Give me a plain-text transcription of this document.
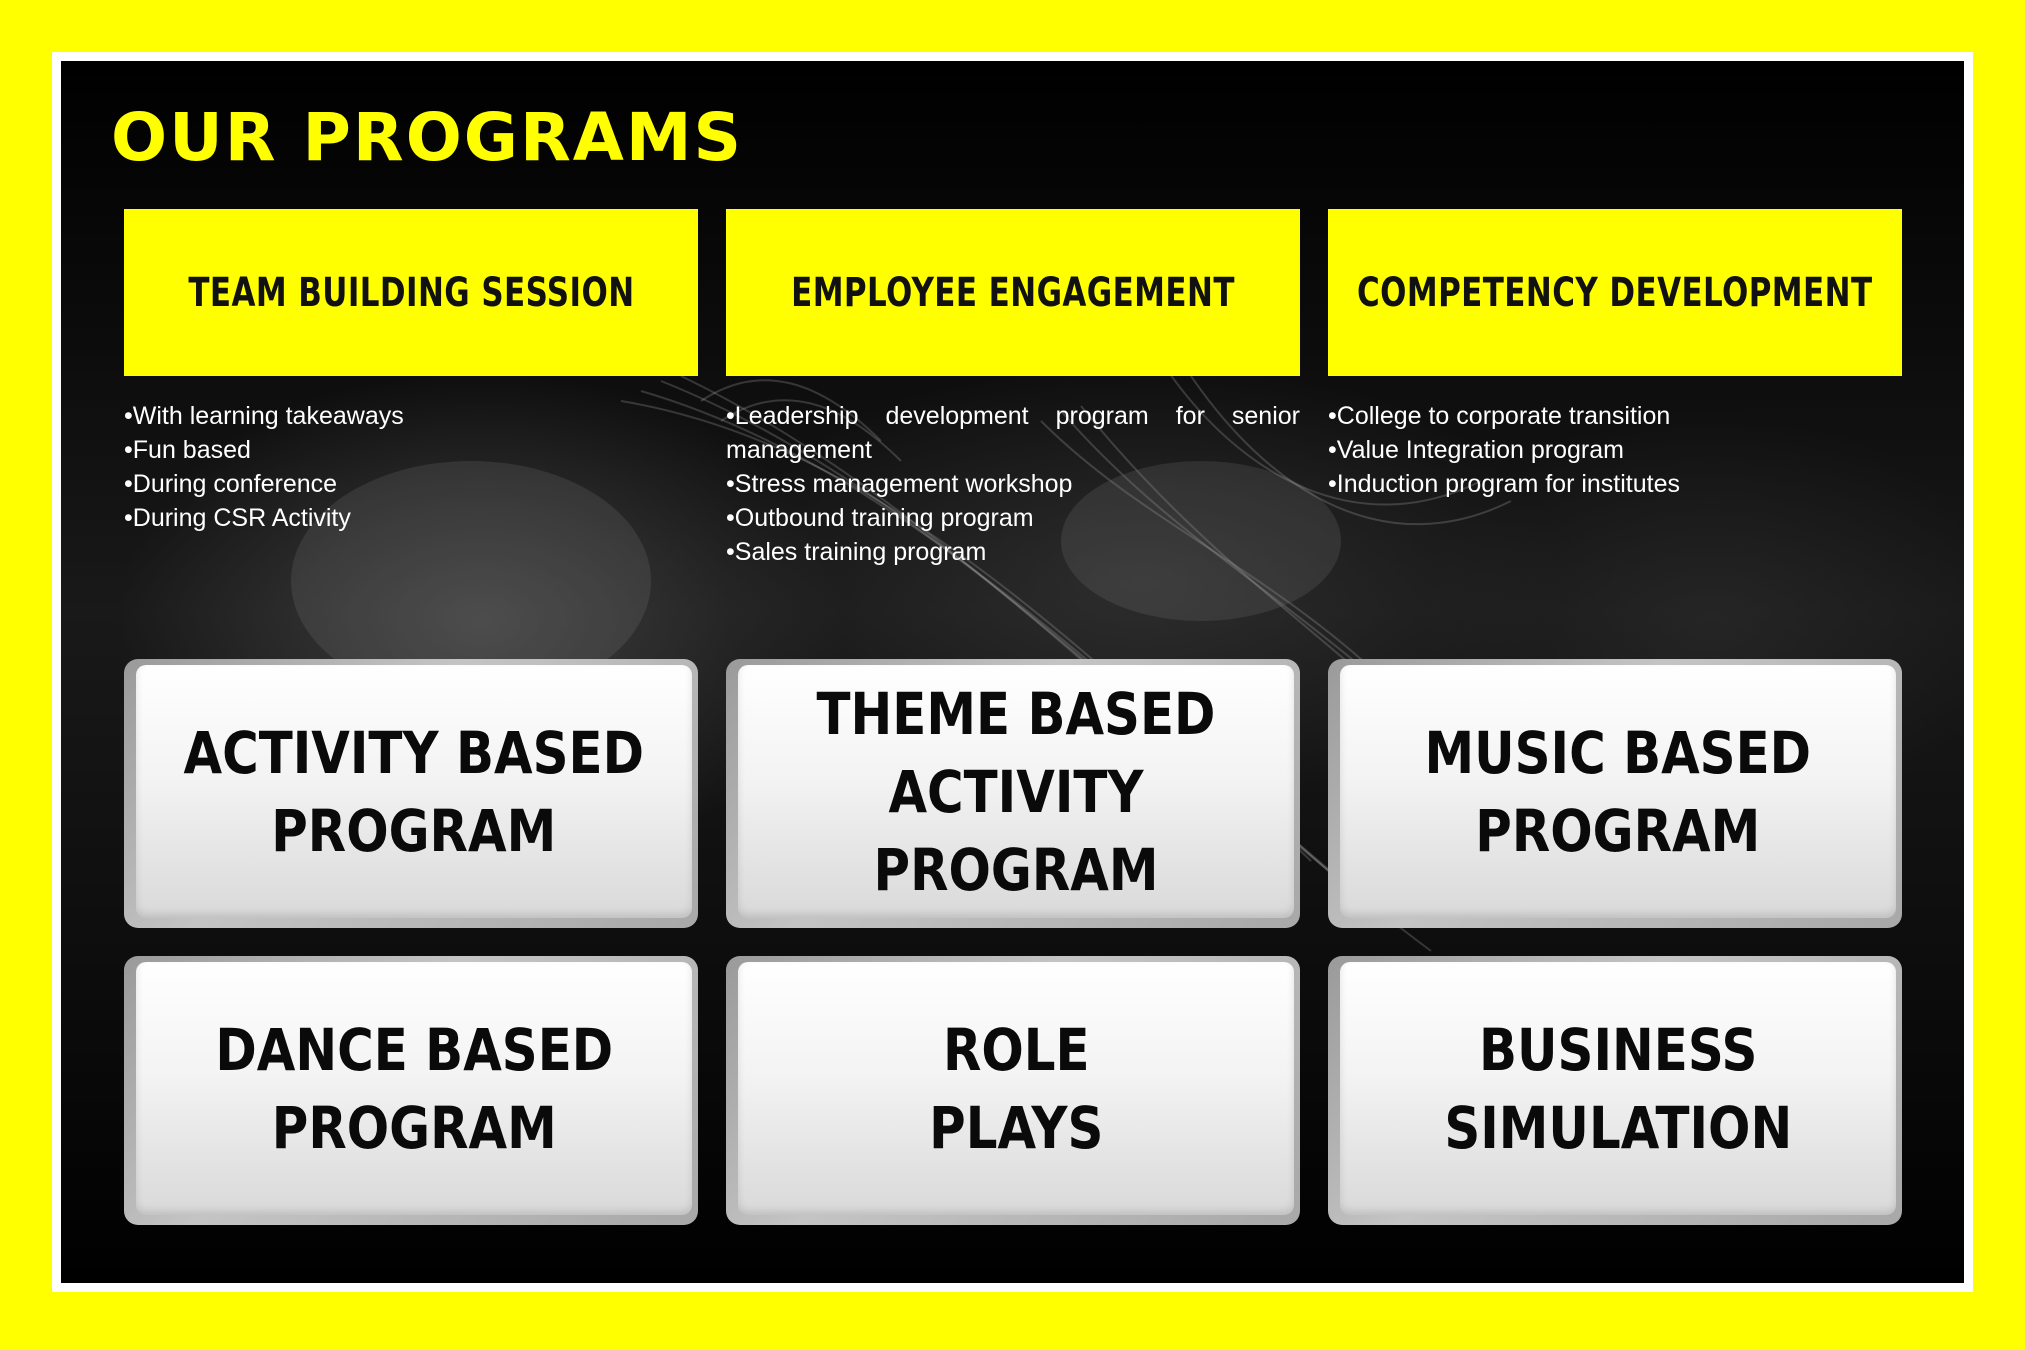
OUR PROGRAMS
TEAM BUILDING SESSION	EMPLOYEE ENGAGEMENT	COMPETENCY DEVELOPMENT
• With learning takeaways
• Fun based
• During conference
• During CSR Activity
• Leadership development program for senior management
• Stress management workshop
• Outbound training program
• Sales training program
• College to corporate transition
• Value Integration program
• Induction program for institutes
ACTIVITY BASED
PROGRAM
THEME BASED
ACTIVITY PROGRAM
MUSIC BASED
PROGRAM
DANCE BASED
PROGRAM
ROLE
PLAYS
BUSINESS
SIMULATION
